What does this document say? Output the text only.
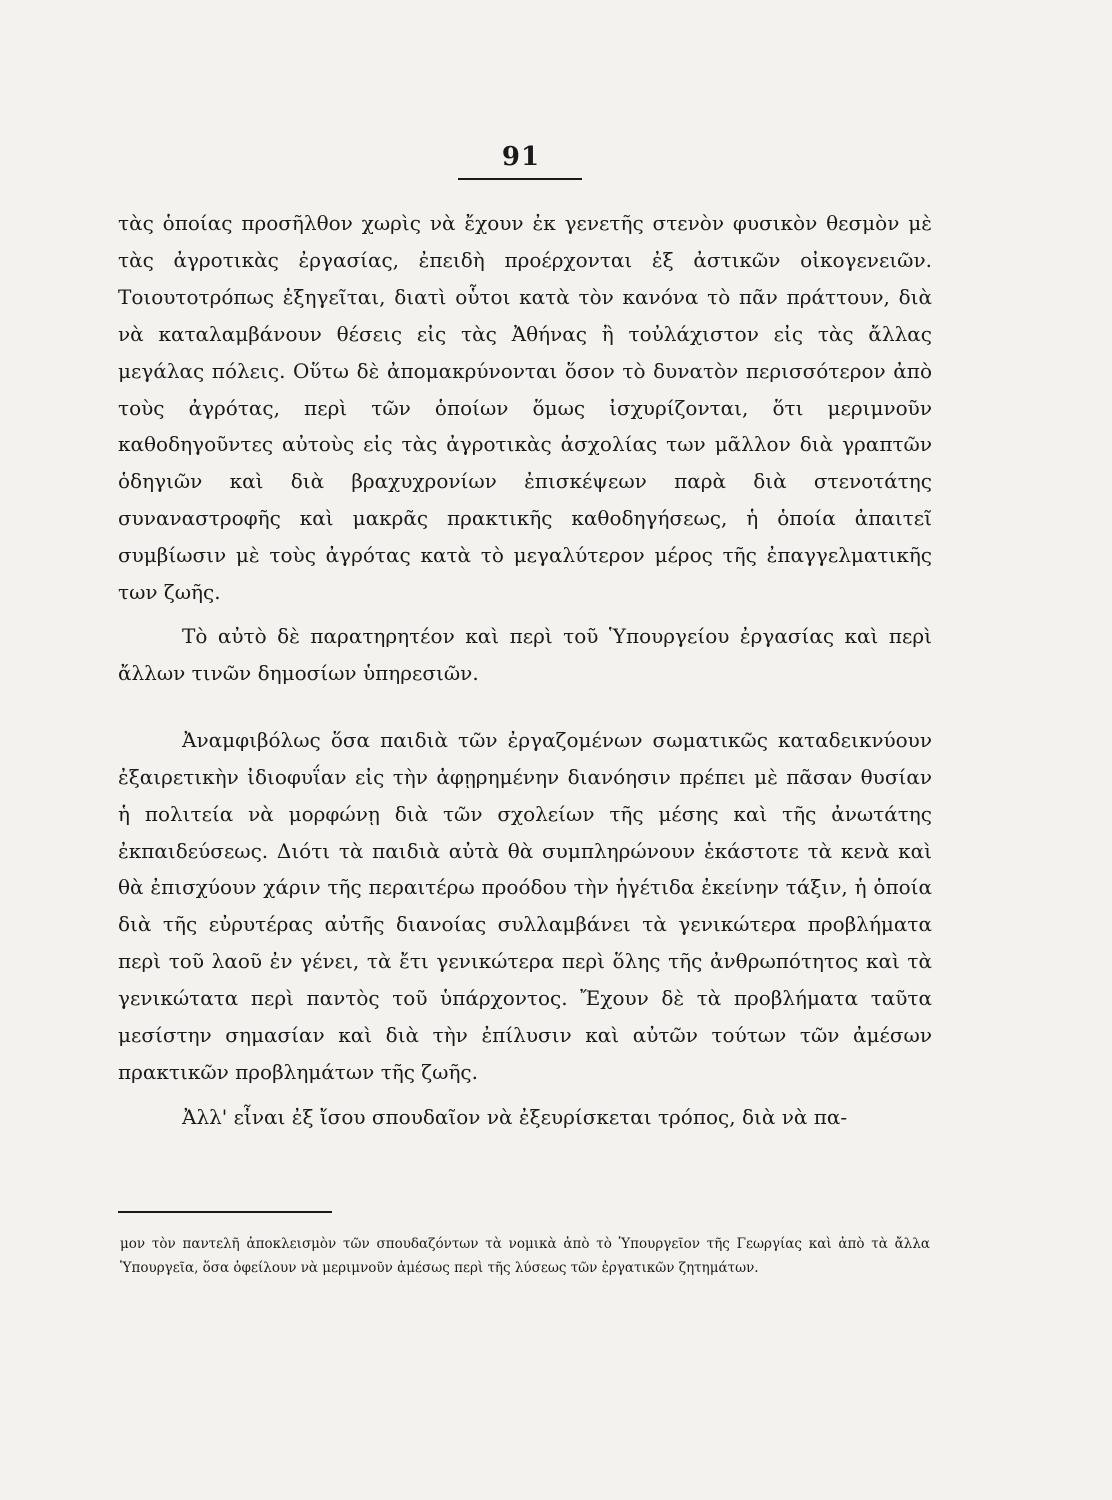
91

τὰς ὁποίας προσῆλθον χωρὶς νὰ ἔχουν ἐκ γενετῆς στενὸν φυσικὸν θεσμὸν μὲ τὰς ἀγροτικὰς ἐργασίας, ἐπειδὴ προέρχονται ἐξ ἀστικῶν οἰκογενειῶν. Τοιουτοτρόπως ἐξηγεῖται, διατὶ οὗτοι κατὰ τὸν κανόνα τὸ πᾶν πράττουν, διὰ νὰ καταλαμβάνουν θέσεις εἰς τὰς Ἀθήνας ἢ τοὐλάχιστον εἰς τὰς ἄλλας μεγάλας πόλεις. Οὕτω δὲ ἀπομακρύνονται ὅσον τὸ δυνατὸν περισσότερον ἀπὸ τοὺς ἀγρότας, περὶ τῶν ὁποίων ὅμως ἰσχυρίζονται, ὅτι μεριμνοῦν καθοδηγοῦντες αὐτοὺς εἰς τὰς ἀγροτικὰς ἀσχολίας των μᾶλλον διὰ γραπτῶν ὁδηγιῶν καὶ διὰ βραχυχρονίων ἐπισκέψεων παρὰ διὰ στενοτάτης συναναστροφῆς καὶ μακρᾶς πρακτικῆς καθοδηγήσεως, ἡ ὁποία ἀπαιτεῖ συμβίωσιν μὲ τοὺς ἀγρότας κατὰ τὸ μεγαλύτερον μέρος τῆς ἐπαγγελματικῆς των ζωῆς.

Τὸ αὐτὸ δὲ παρατηρητέον καὶ περὶ τοῦ Ὑπουργείου ἐργασίας καὶ περὶ ἄλλων τινῶν δημοσίων ὑπηρεσιῶν.

Ἀναμφιβόλως ὅσα παιδιὰ τῶν ἐργαζομένων σωματικῶς καταδεικνύουν ἐξαιρετικὴν ἰδιοφυΐαν εἰς τὴν ἀφῃρημένην διανόησιν πρέπει μὲ πᾶσαν θυσίαν ἡ πολιτεία νὰ μορφώνῃ διὰ τῶν σχολείων τῆς μέσης καὶ τῆς ἀνωτάτης ἐκπαιδεύσεως. Διότι τὰ παιδιὰ αὐτὰ θὰ συμπληρώνουν ἑκάστοτε τὰ κενὰ καὶ θὰ ἐπισχύουν χάριν τῆς περαιτέρω προόδου τὴν ἡγέτιδα ἐκείνην τάξιν, ἡ ὁποία διὰ τῆς εὐρυτέρας αὐτῆς διανοίας συλλαμβάνει τὰ γενικώτερα προβλήματα περὶ τοῦ λαοῦ ἐν γένει, τὰ ἔτι γενικώτερα περὶ ὅλης τῆς ἀνθρωπότητος καὶ τὰ γενικώτατα περὶ παντὸς τοῦ ὑπάρχοντος. Ἔχουν δὲ τὰ προβλήματα ταῦτα μεσίστην σημασίαν καὶ διὰ τὴν ἐπίλυσιν καὶ αὐτῶν τούτων τῶν ἀμέσων πρακτικῶν προβλημάτων τῆς ζωῆς.

Ἀλλ' εἶναι ἐξ ἴσου σπουδαῖον νὰ ἐξευρίσκεται τρόπος, διὰ νὰ πα-

μον τὸν παντελῆ ἀποκλεισμὸν τῶν σπουδαζόντων τὰ νομικὰ ἀπὸ τὸ Ὑπουργεῖον τῆς Γεωργίας καὶ ἀπὸ τὰ ἄλλα Ὑπουργεῖα, ὅσα ὀφείλουν νὰ μεριμνοῦν ἀμέσως περὶ τῆς λύσεως τῶν ἐργατικῶν ζητημάτων.
